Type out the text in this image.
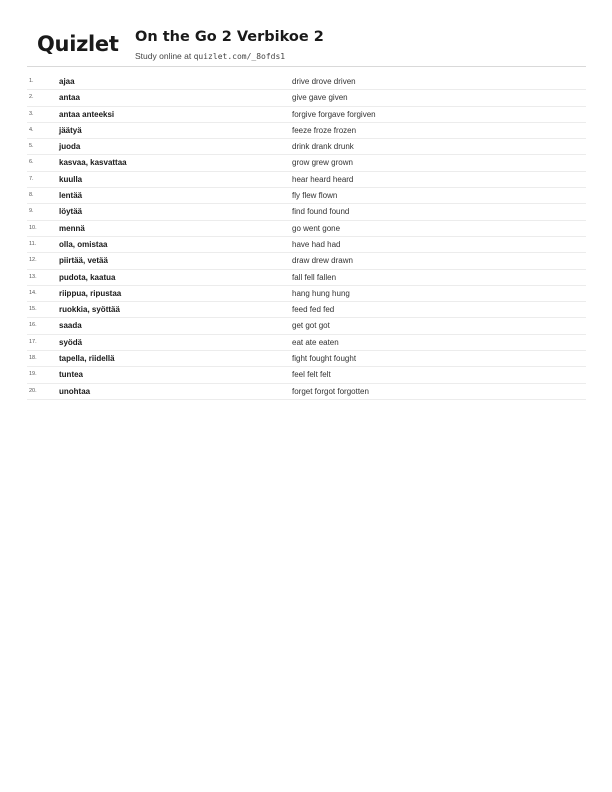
Quizlet On the Go 2 Verbikoe 2
Study online at quizlet.com/_8ofds1
1.	ajaa	drive drove driven
2.	antaa	give gave given
3.	antaa anteeksi	forgive forgave forgiven
4.	jäätyä	feeze froze frozen
5.	juoda	drink drank drunk
6.	kasvaa, kasvattaa	grow grew grown
7.	kuulla	hear heard heard
8.	lentää	fly flew flown
9.	löytää	find found found
10.	mennä	go went gone
11.	olla, omistaa	have had had
12.	piirtää, vetää	draw drew drawn
13.	pudota, kaatua	fall fell fallen
14.	riippua, ripustaa	hang hung hung
15.	ruokkia, syöttää	feed fed fed
16.	saada	get got got
17.	syödä	eat ate eaten
18.	tapella, riidellä	fight fought fought
19.	tuntea	feel felt felt
20.	unohtaa	forget forgot forgotten
